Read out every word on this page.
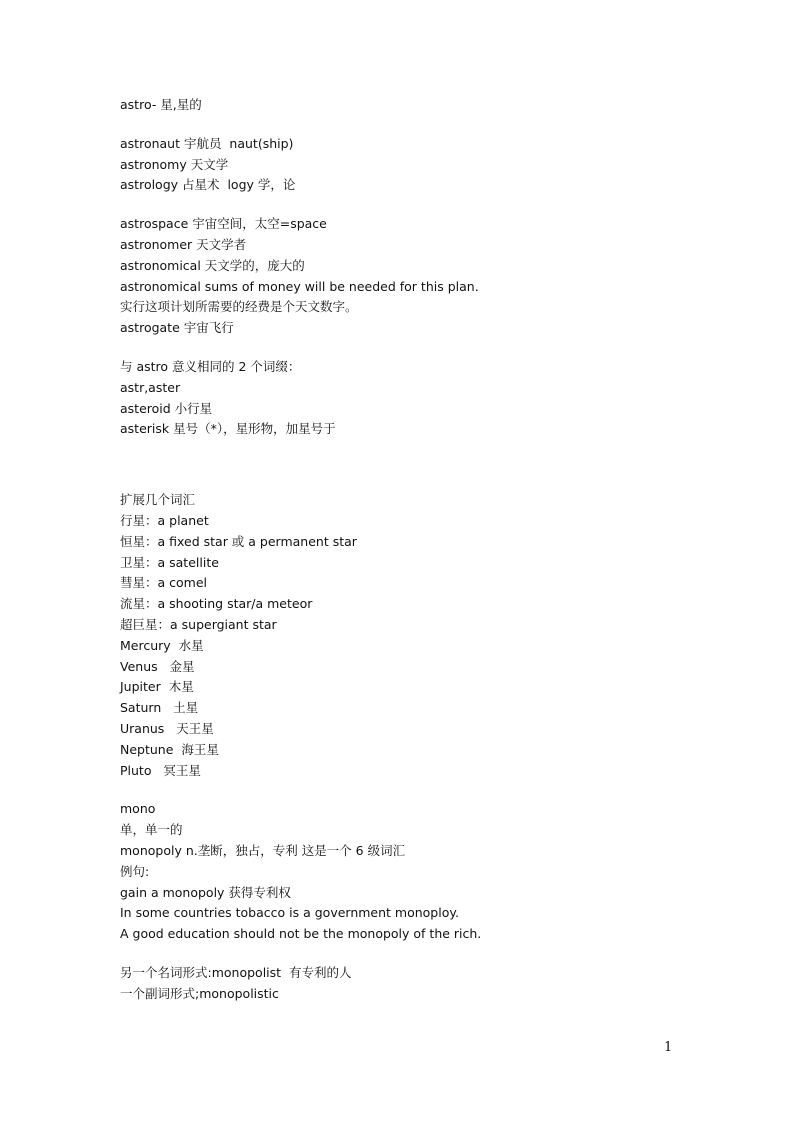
astro- 星,星的
astronaut 宇航员  naut(ship)
astronomy 天文学
astrology 占星术  logy 学，论
astrospace 宇宙空间，太空=space
astronomer 天文学者
astronomical 天文学的，庞大的
astronomical sums of money will be needed for this plan.
实行这项计划所需要的经费是个天文数字。
astrogate 宇宙飞行
与 astro 意义相同的 2 个词缀：
astr,aster
asteroid 小行星
asterisk 星号（*），星形物，加星号于
扩展几个词汇
行星：a planet
恒星：a fixed star 或 a permanent star
卫星：a satellite
彗星：a comel
流星：a shooting star/a meteor
超巨星：a supergiant star
Mercury  水星
Venus   金星
Jupiter  木星
Saturn   土星
Uranus   天王星
Neptune  海王星
Pluto   冥王星
mono
单，单一的
monopoly n.垄断，独占，专利 这是一个 6 级词汇
例句:
gain a monopoly 获得专利权
In some countries tobacco is a government monoploy.
A good education should not be the monopoly of the rich.
另一个名词形式:monopolist  有专利的人
一个副词形式;monopolistic
1
